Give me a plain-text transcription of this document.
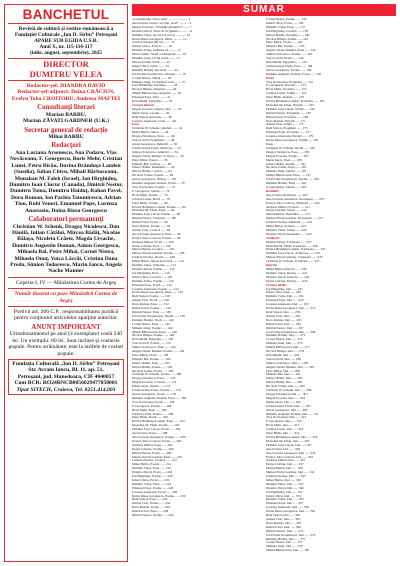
BANCHETUL
Revistă de cultură şi rostire românească a Fundaţiei Culturale „Ion D. Sîrbu” Petroşani
APARE SUB EGIDA U.S.R.
Anul X, nr. 115-116-117
(iulie, august, septembrie), 2025
DIRECTOR
DUMITRU VELEA
Redactor-şef: DIANDRA DAVID
Redactor-şef-adjunct: Doina CRĂCIUN,
Evelyn Toba CROITORU, Andreea MAFTEI
Consultanţi literari
Marian BARBU,
Marian ZĂVATI GARDNER (U.K.)
Secretar general de redacţie
Mihai BARBU
Redacţori
Ana Luciana Arsenescu, Ana Podaru, Vlas Novăceanu, F. Georgescu, Boris Mehr, Cristian Lunei, Petru Birău, Dorina Brânduşa Landen (Suedia), Iulian Chivu, Mihail Bărbuceanu, Monahan M. Falek (Israel), Ion Hirghiduş, Dumitru Ioan Ciucur (Canada), Dmitrii Nestor, Dumitru Toma, Dumitru Haiduţ, Rahan Pavel, Doru Roman, Ion Pachia Tatomirescu, Adrian Tion, Rubi Veneri, Emanuel Pope, Lorenza Anastasiu, Doina Rizea Georgescu
Colaboratori permanenţi
Christian W. Schenk, Dragoş Niculescu, Dan Dănilă, Iulian Cătălui, Mircea Bădăţ, Nicolae Bălaşa, Nicoleta Crăete, Magda Ursache, Dumitru Augustin Doman, Anton Georgescu, Mihaela Bal, Petre Mihai, Cornel Nistea, Mihaela Onuţ, Voica Lăcrăi, Cristina Dana Preda, Simion Todoresco, Marin Iancu, Angela Nache Mamier
Coperta I, IV — Mănăstirea Curtea de Argeş
Număr ilustrat cu poze Mănăstirii Curtea de Argeş
Portivit art. 206 C.P., responsabilitatea juridică pentru conţinutul articolelor aparţine autorilor.
ANUNŢ IMPORTANT
Urmabonamentul pe anul (4 exemplare) costă 240 lei. Un exemplu: 60 lei. Sunt incluse şi costurile poştale. Pentru străinătate, este la tarifele de costuri poştale.
Fundaţia Culturală „Ion D. Sîrbu” Petroşani
Str. Avram Iancu, Bl. 11, ap. 51,
Petroşani, jud. Hunedoara, CIF 4040057
Cont BCR: RO24RNCB0056029477850001
Tipar SITECH, Craiova, Tel. 0251.414.003
SUMAR
„Considerenţe critice bani” ....................... 3
Ana Podaru, Istorie cercului „Iosif” ........... 4
Magda Ursache, „Virtuţiile ţinuturilor” ...... 7
Diandra David, Să fie în cu gândul ............ 11
Dumitru Velea, Istoria la locul ei ............ 12
Doina Rizea Georgescu, Pâine ........... 14
Cristian Nachea (BCU) ........ 15
Adrian Stoica, Portret ....... 16
Dumitru Toma, Întâlnire 14 ......... 17
Mircea Mehr, Seară contemplaţii ....... 19
Dumitru Ţaan, Ciclul poem ........ 21
Mircea Iordan, Iarnă ....... 22
Iulian Chivu, Gând ........ 23
Dumitru Haiduţ, Recviem ........ 24
Ion Pachia Tatomirescu, Ofrande ....... 25
Cornel Nistea, Sfârşit ....... 26
Mihaela Onuţ, La sfârşitul verii ........ 27
Ioan Hirghiduş, Nocturne ........ 28
Nicolae Bălaşa, Deşertul ........ 29
Mihail Bărbuceanu, Ardealul ....... 30
Emanuel Pope, Zbor ........ 31
Dan Dănilă, Epigrame ....... 32
Cronică literară
Magda Ursache, Despre cărţi ....... 33
Marin Iancu, Lecturi ...... 36
Rubi Veneri, Recenzie ...... 38
Lorenza Anastasiu, Carte ....... 40
Eseu
Christian W. Schenk, Gânduri ....... 42
Mihai Barbu, Jurnal ...... 44
Dragoş Niculescu, Note ....... 46
Voica Lăcrăi, Fragmente ...... 48
Anton Georgescu, Reflecţii ..... 50
Cristina Dana Preda, Memorii ..... 52
Simion Todoresco, Amintiri ..... 54
Angela Nache Mamier, Scrisori ...... 56
Petre Mihai, Eseuri ...... 58
Mihaela Bal, Cuvinte ....... 60
Iulian Cătălui, Însemnări ...... 62
Mircea Bădăţ, Cronică ...... 64
Nicoleta Crăete, Poeme ...... 66
Anton Georgescu, Dialog ...... 68
Dumitru Augustin Doman, Proză ..... 70
Vlas Novăceanu, Poeme ....... 72
F. Georgescu, Studiu ...... 74
Boris Mehr, Poeme ...... 76
Cristian Lunei, Proză ...... 78
Petru Birău, Poeme ...... 80
Dorina Brânduşa Landen, Poeme ...... 82
Monahan M. Falek, Eseu ..... 84
Dumitru Ioan Ciucur, Poeme ...... 86
Dmitrii Nestor, Traduceri ...... 88
Rahan Pavel, Proză ...... 90
Doru Roman, Poeme ....... 92
Adrian Tion, Cronică ...... 94
Ana Luciana Arsenescu, Eseu ..... 96
Evelyn Toba Croitoru, Poeme ..... 98
Andreea Maftei, Proză ...... 100
Doina Crăciun, Eseu ...... 102
Marian Barbu, Cronică ...... 104
Marian Zăvati Gardner, Poeme ...... 106
Cristian Nachea, Istorie ...... 108
Mihai Barbu, Jurnal de lectură ...... 110
Dumitru Velea, Editorial ...... 112
Diandra David, Poeme ....... 114
Ion Hirghiduş, Eseu ...... 116
Iulian Chivu, Cronică ...... 118
Dumitru Toma, Poeme ...... 120
Emanuel Pope, Proză ...... 122
Lorenza Anastasiu, Poeme ...... 124
Doina Rizea Georgescu, Eseu ...... 126
Rubi Veneri, Poeme ...... 128
Adrian Tion, Proză ...... 130
Doru Roman, Eseu ...... 132
Rahan Pavel, Poeme ...... 134
Dmitrii Nestor, Eseu ...... 136
Ion Pachia Tatomirescu, Studiu ...... 138
Dumitru Haiduţ, Proză ...... 140
Cornel Nistea, Eseu ...... 142
Mihaela Onuţ, Poeme ...... 144
Mihail Bărbuceanu, Eseu ...... 146
Nicolae Bălaşa, Poeme ...... 148
Dan Dănilă, Epigrame ...... 150
Voica Lăcrăi, Poeme ...... 152
Simion Todoresco, Eseu ...... 154
Angela Nache Mamier, Poeme ...... 156
Petre Mihai, Proză ...... 158
Mihaela Bal, Poeme ...... 160
Iulian Cătălui, Eseu ...... 162
Mircea Bădăţ, Poeme ...... 164
Nicoleta Crăete, Proză ...... 166
Christian W. Schenk, Poeme ...... 168
Dragoş Niculescu, Eseu ...... 170
Magda Ursache, Cronică ...... 172
Marin Iancu, Studiu ...... 174
Cristina Dana Preda, Poeme ...... 176
Anton Georgescu, Proză ...... 178
Dumitru Augustin Doman, Eseu ...... 180
Vlas Novăceanu, Proză ...... 182
F. Georgescu, Poeme ...... 184
Boris Mehr, Eseu ...... 186
Cristian Lunei, Poeme ...... 188
Petru Birău, Proză ...... 190
Dorina Brânduşa Landen, Eseu ...... 192
Monahan M. Falek, Poeme ...... 194
Dumitru Ioan Ciucur, Proză ...... 196
Ana Podaru, Eseu ...... 198
Ana Luciana Arsenescu, Poeme ...... 200
Evelyn Toba Croitoru, Proză ...... 202
Andreea Maftei, Eseu ...... 204
Doina Crăciun, Poeme ...... 206
Marian Barbu, Proză ...... 208
Marian Zăvati Gardner, Eseu ...... 210
Cristian Nachea, Cronică ...... 212
Mihai Barbu, Poeme ...... 214
Dumitru Velea, Eseu ...... 216
Diandra David, Proză ...... 218
Ion Hirghiduş, Poeme ...... 220
Iulian Chivu, Proză ...... 222
Dumitru Toma, Eseu ...... 224
Emanuel Pope, Poeme ...... 226
Lorenza Anastasiu, Proză ...... 228
Doina Rizea Georgescu, Poeme ...... 230
Rubi Veneri, Eseu ...... 232
Adrian Tion, Poeme ...... 234
Doru Roman, Proză ...... 236
Rahan Pavel, Eseu ...... 238
Dmitrii Nestor, Poeme ...... 240
Cornel Nistea, Poeme ...... 135
Iulian Chivu, Proză ...... 136
Dumitru Toma, Eseu ...... 137
Ion Hirghiduş, Cronică ...... 138
Mircea Bădăţ, Nocturne ...... 140
Nicolae Bălaşa, Poeme ...... 141
Petre Mihai, Proză ...... 142
Mihaela Bal, Poeme ...... 143
Angela Nache Mamier, Eseu ...... 144
Simion Todoresco, Poeme ...... 145
Voica Lăcrăi, Proză ...... 146
Dan Dănilă, Epigrame ...... 147
Cristina Dana Preda, Eseu ...... 148
Anton Georgescu, Poeme ...... 149
Dumitru Augustin Doman, Proză ...... 150
Proză
Vlas Novăceanu, Fragment ...... 151
F. Georgescu, Nuvelă ...... 153
Boris Mehr, Povestire ...... 155
Cristian Lunei, Schiţă ...... 157
Petru Birău, Roman ...... 159
Dorina Brânduşa Landen, Povestire ...... 161
Monahan M. Falek, Nuvelă ...... 163
Dumitru Ioan Ciucur, Schiţă ...... 165
Dmitrii Nestor, Fragment ...... 167
Rahan Pavel, Povestire ...... 169
Doru Roman, Nuvelă ...... 171
Adrian Tion, Schiţă ...... 173
Rubi Veneri, Fragment ...... 175
Emanuel Pope, Povestire ...... 177
Lorenza Anastasiu, Nuvelă ...... 179
Doina Rizea Georgescu, Schiţă ...... 181
Eseu
Christian W. Schenk, Studiu ...... 183
Dragoş Niculescu, Eseu ...... 185
Magda Ursache, Studiu ...... 187
Marin Iancu, Eseu ...... 189
Iulian Cătălui, Studiu ...... 191
Nicoleta Crăete, Eseu ...... 193
Mihaela Onuţ, Studiu ...... 195
Mihail Bărbuceanu, Eseu ...... 197
Ion Pachia Tatomirescu, Studiu ...... 199
Dumitru Haiduţ, Eseu ...... 201
Cornel Nistea, Studiu ...... 203
Restituiri
Ana Podaru, Restituire ...... 205
Ana Luciana Arsenescu, Document ...... 207
Evelyn Toba Croitoru, Memorii ...... 209
Andreea Maftei, Scrisori ...... 211
Doina Crăciun, Jurnal ...... 213
Marian Barbu, Restituire ...... 215
Marian Zăvati Gardner, Document ...... 217
Cristian Nachea, Memorii ...... 219
Mihai Barbu, Scrisori ...... 221
Dumitru Velea, Jurnal ...... 223
Diandra David, Restituire ...... 225
Traduceri
Dmitrii Nestor, Traducere ...... 227
Monahan M. Falek, Traducere ...... 229
Dorina Brânduşa Landen, Traducere ...... 231
Dumitru Ioan Ciucur, Traducere ...... 233
Marian Zăvati Gardner, Traducere ...... 235
Christian W. Schenk, Traducere ...... 237
Interviu
Mihai Barbu, Interviu ...... 239
Dumitru Velea, Dialog ...... 241
Diandra David, Interviu ...... 243
Doina Crăciun, Dialog ...... 245
Cronica ideilor
Ion Hirghiduş, Idei ...... 247
Iulian Chivu, Idei ...... 249
Dumitru Toma, Idei ...... 251
Emanuel Pope, Idei ...... 253
Lorenza Anastasiu, Idei ...... 255
Doina Rizea Georgescu, Idei ...... 257
Rubi Veneri, Idei ...... 259
Adrian Tion, Idei ...... 261
Doru Roman, Idei ...... 263
Rahan Pavel, Idei ...... 265
Dmitrii Nestor, Idei ...... 267
Ion Pachia Tatomirescu, Idei ...... 269
Dumitru Haiduţ, Idei ...... 271
Cornel Nistea, Idei ...... 273
Mihaela Onuţ, Idei ...... 275
Mihail Bărbuceanu, Idei ...... 277
Nicolae Bălaşa, Idei ...... 279
Dan Dănilă, Idei ...... 281
Voica Lăcrăi, Idei ...... 283
Simion Todoresco, Idei ...... 285
Angela Nache Mamier, Idei ...... 287
Petre Mihai, Idei ...... 289
Mihaela Bal, Idei ...... 291
Iulian Cătălui, Idei ...... 293
Mircea Bădăţ, Idei ...... 295
Nicoleta Crăete, Idei ...... 297
Christian W. Schenk, Idei ...... 299
Dragoş Niculescu, Idei ...... 301
Magda Ursache, Idei ...... 303
Marin Iancu, Idei ...... 305
Cristina Dana Preda, Idei ...... 307
Anton Georgescu, Idei ...... 309
Dumitru Augustin Doman, Idei ...... 311
Vlas Novăceanu, Idei ...... 313
F. Georgescu, Idei ...... 315
Boris Mehr, Idei ...... 317
Cristian Lunei, Idei ...... 319
Petru Birău, Idei ...... 321
Dorina Brânduşa Landen, Idei ...... 323
Monahan M. Falek, Idei ...... 325
Dumitru Ioan Ciucur, Idei ...... 327
Ana Podaru, Idei ...... 329
Ana Luciana Arsenescu, Idei ...... 331
Evelyn Toba Croitoru, Idei ...... 333
Andreea Maftei, Idei ...... 335
Doina Crăciun, Idei ...... 337
Marian Barbu, Idei ...... 339
Marian Zăvati Gardner, Idei ...... 341
Cristian Nachea, Idei ...... 343
Mihai Barbu, Idei ...... 345
Dumitru Velea, Idei ...... 347
Diandra David, Idei ...... 349
Ion Hirghiduş, Idei ...... 351
Iulian Chivu, Idei ...... 353
Dumitru Toma, Idei ...... 355
Emanuel Pope, Idei ...... 357
Lorenza Anastasiu, Idei ...... 359
Doina Rizea Georgescu, Idei ...... 361
Rubi Veneri, Idei ...... 363
Adrian Tion, Idei ...... 365
Doru Roman, Idei ...... 367
Rahan Pavel, Idei ...... 369
Dmitrii Nestor, Idei ...... 371
Ion Pachia Tatomirescu, Idei ...... 373
Dumitru Haiduţ, Idei ...... 375
Cornel Nistea, Idei ...... 377
Mihaela Onuţ, Idei ...... 379
Mihail Bărbuceanu, Idei ...... 381
